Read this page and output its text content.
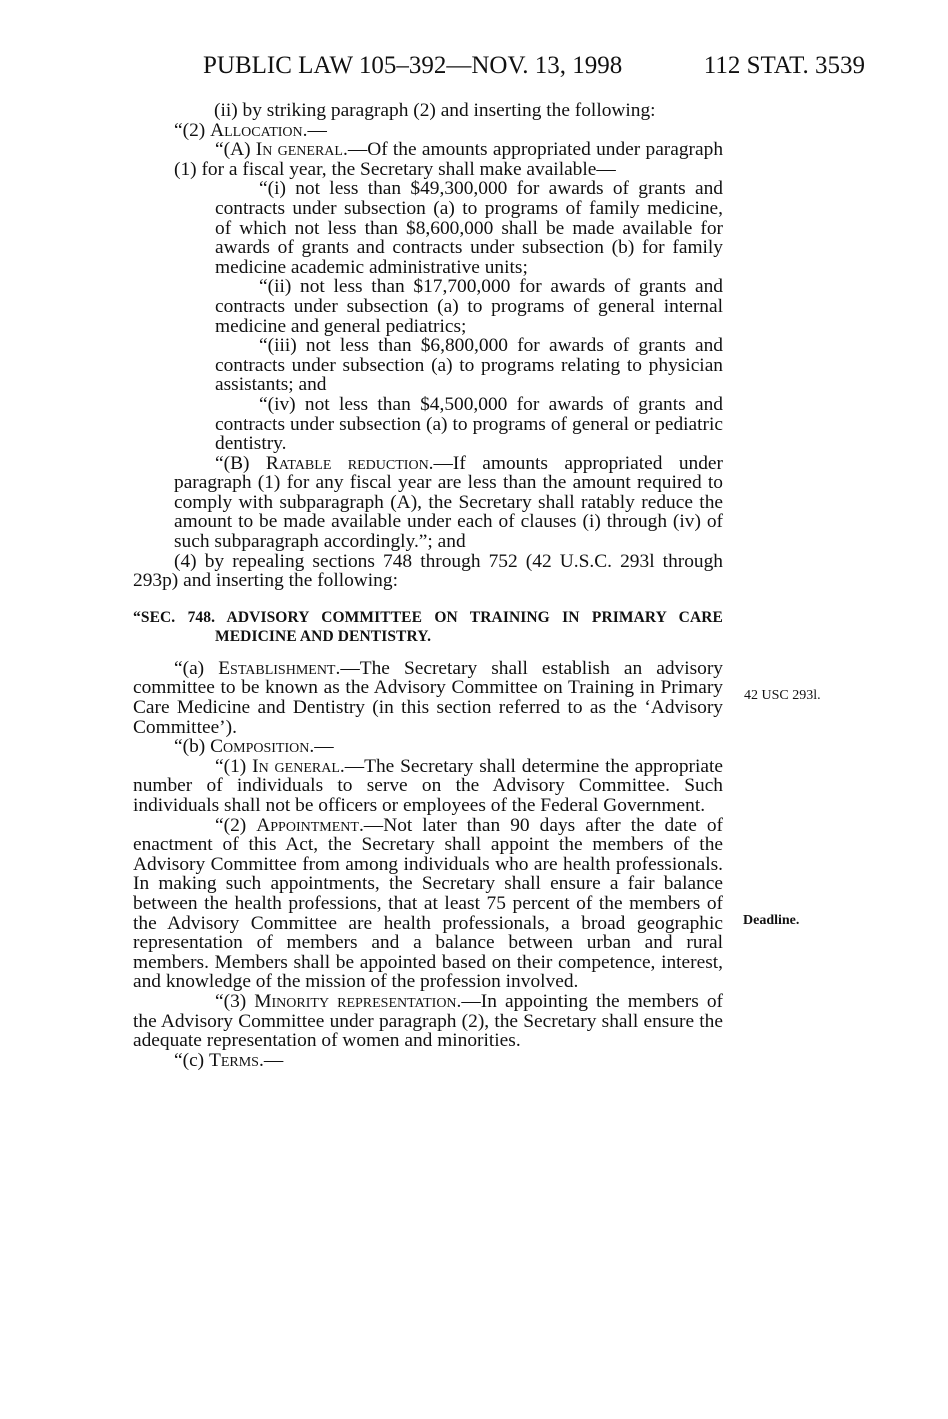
PUBLIC LAW 105–392—NOV. 13, 1998	112 STAT. 3539
42 USC 293l.
Deadline.

(ii) by striking paragraph (2) and inserting the following:

“(2) Allocation.—

“(A) In general.—Of the amounts appropriated under paragraph (1) for a fiscal year, the Secretary shall make available—

“(i) not less than $49,300,000 for awards of grants and contracts under subsection (a) to programs of family medicine, of which not less than $8,600,000 shall be made available for awards of grants and contracts under subsection (b) for family medicine academic administrative units;

“(ii) not less than $17,700,000 for awards of grants and contracts under subsection (a) to programs of general internal medicine and general pediatrics;

“(iii) not less than $6,800,000 for awards of grants and contracts under subsection (a) to programs relating to physician assistants; and

“(iv) not less than $4,500,000 for awards of grants and contracts under subsection (a) to programs of general or pediatric dentistry.

“(B) Ratable reduction.—If amounts appropriated under paragraph (1) for any fiscal year are less than the amount required to comply with subparagraph (A), the Secretary shall ratably reduce the amount to be made available under each of clauses (i) through (iv) of such subparagraph accordingly.”; and

(4) by repealing sections 748 through 752 (42 U.S.C. 293l through 293p) and inserting the following:

“SEC. 748. ADVISORY COMMITTEE ON TRAINING IN PRIMARY CARE MEDICINE AND DENTISTRY.

“(a) Establishment.—The Secretary shall establish an advisory committee to be known as the Advisory Committee on Training in Primary Care Medicine and Dentistry (in this section referred to as the ‘Advisory Committee’).

“(b) Composition.—

“(1) In general.—The Secretary shall determine the appropriate number of individuals to serve on the Advisory Committee. Such individuals shall not be officers or employees of the Federal Government.

“(2) Appointment.—Not later than 90 days after the date of enactment of this Act, the Secretary shall appoint the members of the Advisory Committee from among individuals who are health professionals. In making such appointments, the Secretary shall ensure a fair balance between the health professions, that at least 75 percent of the members of the Advisory Committee are health professionals, a broad geographic representation of members and a balance between urban and rural members. Members shall be appointed based on their competence, interest, and knowledge of the mission of the profession involved.

“(3) Minority representation.—In appointing the members of the Advisory Committee under paragraph (2), the Secretary shall ensure the adequate representation of women and minorities.

“(c) Terms.—
